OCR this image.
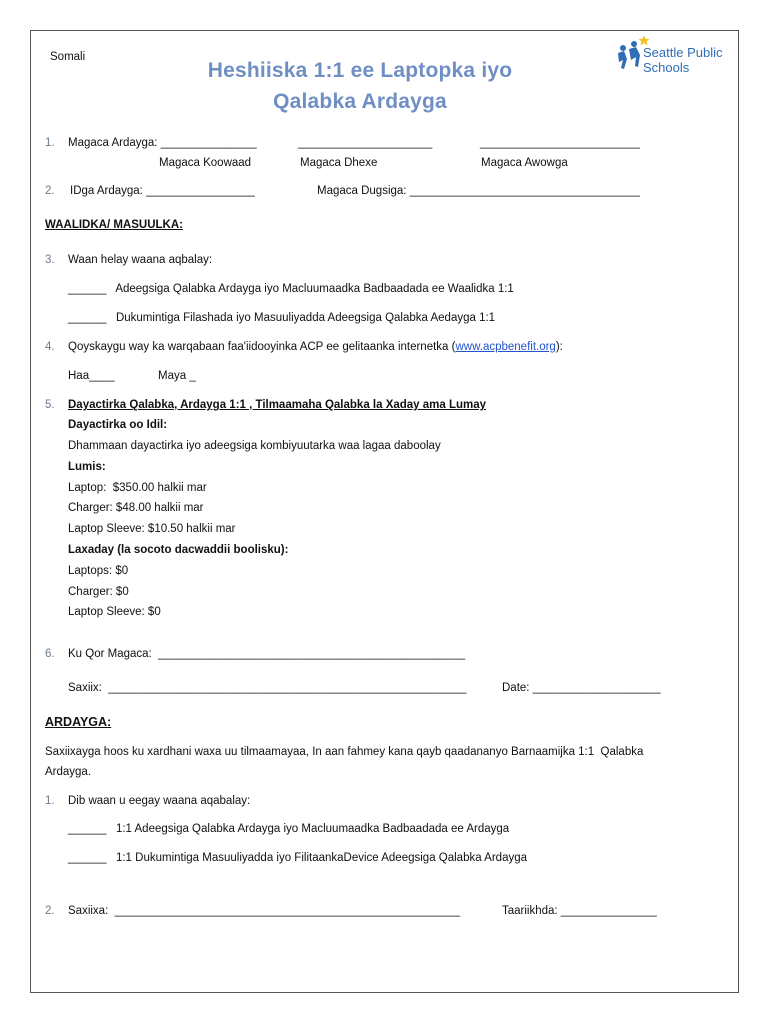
Somali
Heshiiska 1:1 ee Laptopka iyo
Qalabka Ardayga
Seattle Public
Schools
1. Magaca Ardayga: _______________	_____________________	_________________________
Magaca Koowaad	Magaca Dhexe	Magaca Awowga
2. IDga Ardayga: _________________	Magaca Dugsiga: ____________________________________
WAALIDKA/ MASUULKA:
3. Waan helay waana aqbalay:
______   Adeegsiga Qalabka Ardayga iyo Macluumaadka Badbaadada ee Waalidka 1:1
______   Dukumintiga Filashada iyo Masuuliyadda Adeegsiga Qalabka Aedayga 1:1
4. Qoyskaygu way ka warqabaan faa'iidooyinka ACP ee gelitaanka internetka (www.acpbenefit.org):
Haa____	Maya _
5. Dayactirka Qalabka, Ardayga 1:1 , Tilmaamaha Qalabka la Xaday ama Lumay
Dayactirka oo Idil:
Dhammaan dayactirka iyo adeegsiga kombiyuutarka waa lagaa daboolay
Lumis:
Laptop:  $350.00 halkii mar
Charger: $48.00 halkii mar
Laptop Sleeve: $10.50 halkii mar
Laxaday (la socoto dacwaddii boolisku):
Laptops: $0
Charger: $0
Laptop Sleeve: $0
6. Ku Qor Magaca:  ________________________________________________
Saxiix:  ________________________________________________________	Date: ____________________
ARDAYGA:
Saxiixayga hoos ku xardhani waxa uu tilmaamayaa, In aan fahmey kana qayb qaadananyo Barnaamijka 1:1  Qalabka
Ardayga.
1. Dib waan u eegay waana aqabalay:
______   1:1 Adeegsiga Qalabka Ardayga iyo Macluumaadka Badbaadada ee Ardayga
______   1:1 Dukumintiga Masuuliyadda iyo FilitaankaDevice Adeegsiga Qalabka Ardayga
2. Saxiixa:  ______________________________________________________	Taariikhda: _______________
